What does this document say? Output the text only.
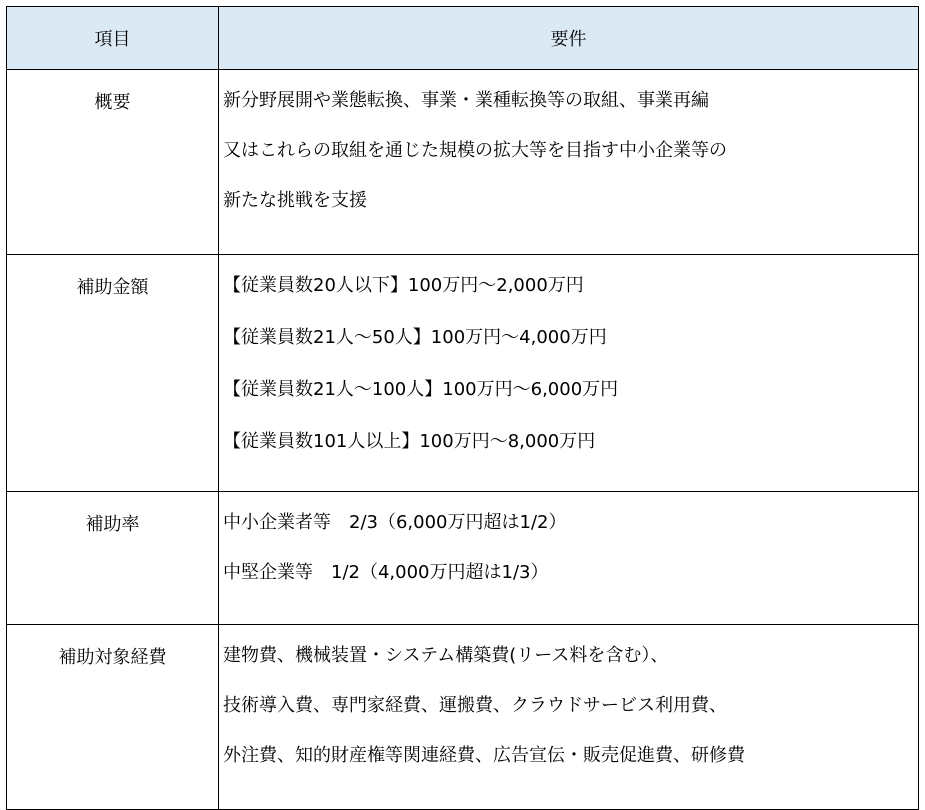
項目	要件
概要	新分野展開や業態転換、事業・業種転換等の取組、事業再編
又はこれらの取組を通じた規模の拡大等を目指す中小企業等の
新たな挑戦を支援

補助金額	【従業員数20人以下】100万円～2,000万円
【従業員数21人～50人】100万円～4,000万円
【従業員数21人～100人】100万円～6,000万円
【従業員数101人以上】100万円～8,000万円

補助率	中小企業者等　2/3（6,000万円超は1/2）
中堅企業等　1/2（4,000万円超は1/3）

補助対象経費	建物費、機械装置・システム構築費(リース料を含む）、
技術導入費、専門家経費、運搬費、クラウドサービス利用費、
外注費、知的財産権等関連経費、広告宣伝・販売促進費、研修費
